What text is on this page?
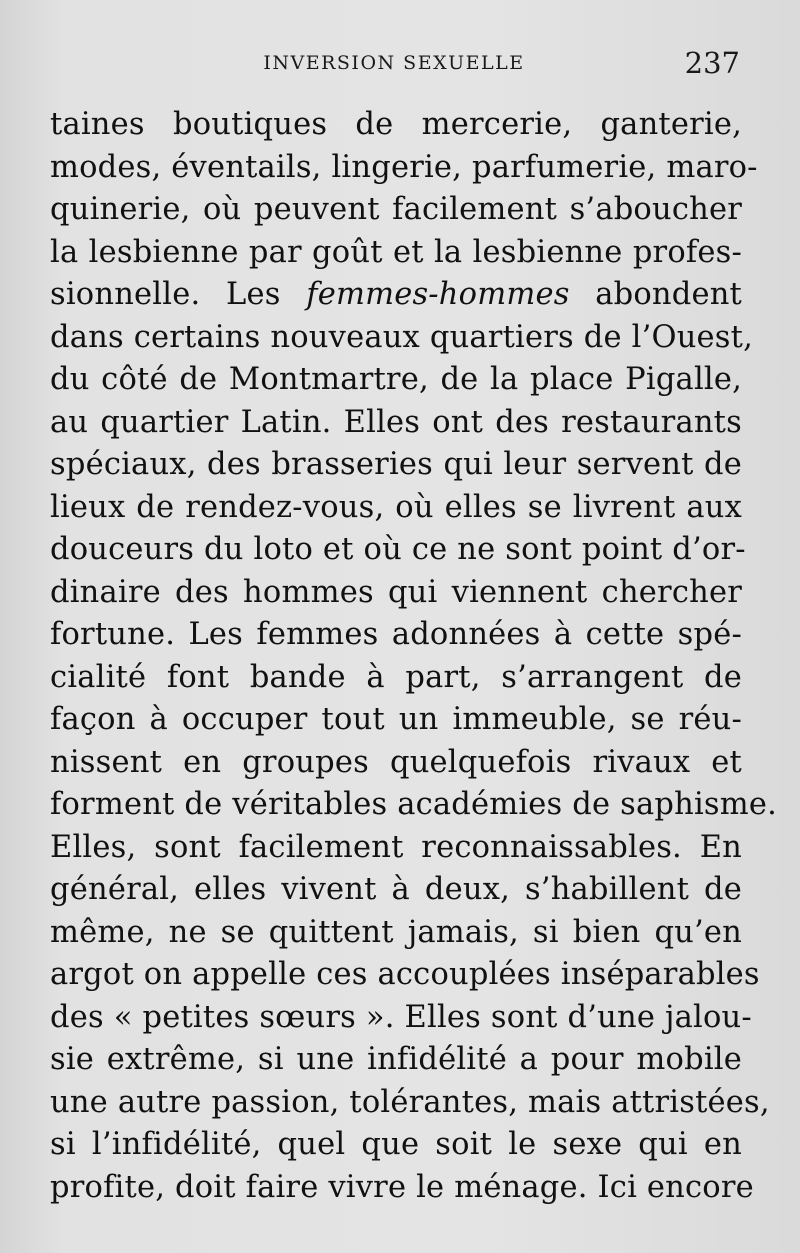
INVERSION SEXUELLE	237
taines boutiques de mercerie, ganterie,
modes, éventails, lingerie, parfumerie, maro-
quinerie, où peuvent facilement s’aboucher
la lesbienne par goût et la lesbienne profes-
sionnelle. Les femmes-hommes abondent
dans certains nouveaux quartiers de l’Ouest,
du côté de Montmartre, de la place Pigalle,
au quartier Latin. Elles ont des restaurants
spéciaux, des brasseries qui leur servent de
lieux de rendez-vous, où elles se livrent aux
douceurs du loto et où ce ne sont point d’or-
dinaire des hommes qui viennent chercher
fortune. Les femmes adonnées à cette spé-
cialité font bande à part, s’arrangent de
façon à occuper tout un immeuble, se réu-
nissent en groupes quelquefois rivaux et
forment de véritables académies de saphisme.
Elles, sont facilement reconnaissables. En
général, elles vivent à deux, s’habillent de
même, ne se quittent jamais, si bien qu’en
argot on appelle ces accouplées inséparables
des « petites sœurs ». Elles sont d’une jalou-
sie extrême, si une infidélité a pour mobile
une autre passion, tolérantes, mais attristées,
si l’infidélité, quel que soit le sexe qui en
profite, doit faire vivre le ménage. Ici encore
